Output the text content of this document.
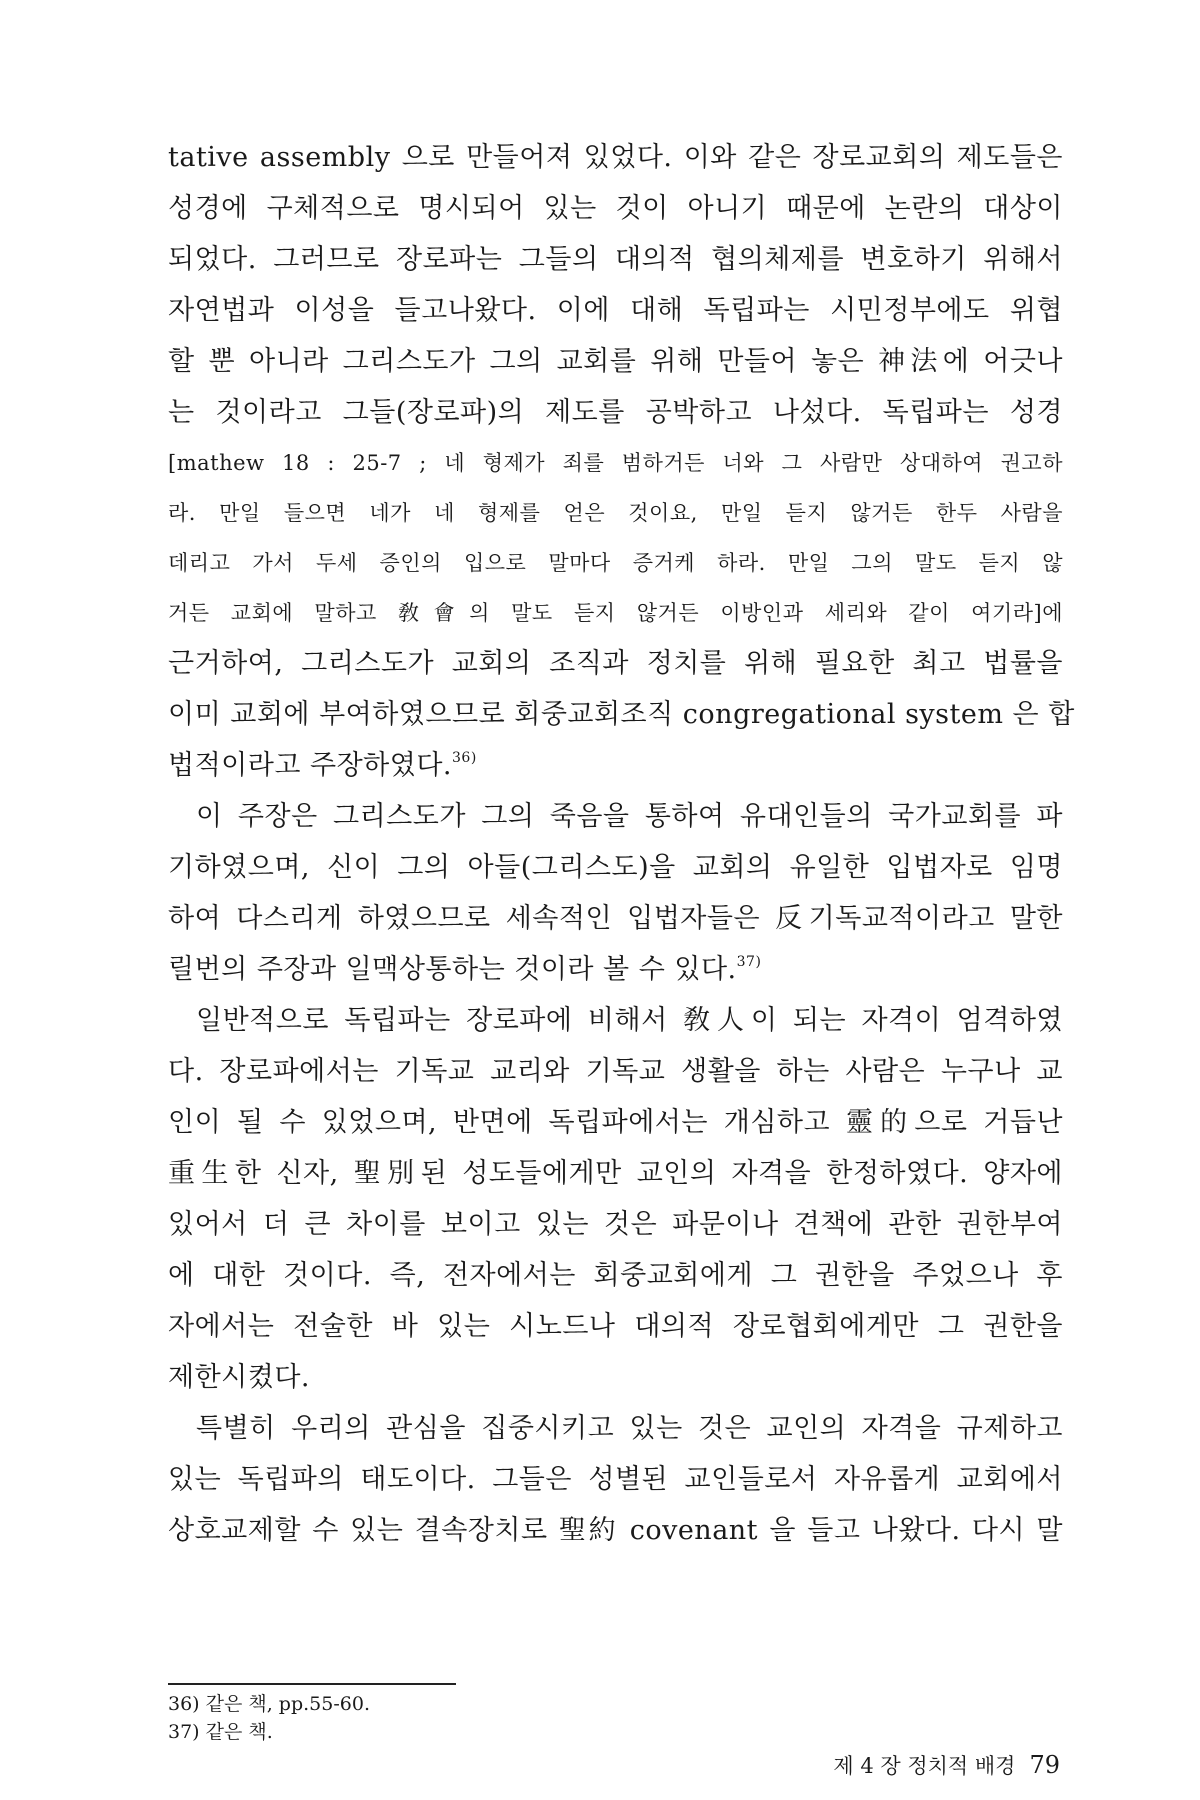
tative assembly 으로 만들어져 있었다. 이와 같은 장로교회의 제도들은
성경에 구체적으로 명시되어 있는 것이 아니기 때문에 논란의 대상이
되었다. 그러므로 장로파는 그들의 대의적 협의체제를 변호하기 위해서
자연법과 이성을 들고나왔다. 이에 대해 독립파는 시민정부에도 위협
할 뿐 아니라 그리스도가 그의 교회를 위해 만들어 놓은 神法에 어긋나
는 것이라고 그들(장로파)의 제도를 공박하고 나섰다. 독립파는 성경
[mathew 18 : 25-7 ; 네 형제가 죄를 범하거든 너와 그 사람만 상대하여 권고하
라. 만일 들으면 네가 네 형제를 얻은 것이요, 만일 듣지 않거든 한두 사람을
데리고 가서 두세 증인의 입으로 말마다 증거케 하라. 만일 그의 말도 듣지 않
거든 교회에 말하고 敎會의 말도 듣지 않거든 이방인과 세리와 같이 여기라]에
근거하여, 그리스도가 교회의 조직과 정치를 위해 필요한 최고 법률을
이미 교회에 부여하였으므로 회중교회조직 congregational system 은 합
법적이라고 주장하였다.$^{36)}$
이 주장은 그리스도가 그의 죽음을 통하여 유대인들의 국가교회를 파
기하였으며, 신이 그의 아들(그리스도)을 교회의 유일한 입법자로 임명
하여 다스리게 하였으므로 세속적인 입법자들은 反기독교적이라고 말한
릴번의 주장과 일맥상통하는 것이라 볼 수 있다.$^{37)}$
일반적으로 독립파는 장로파에 비해서 敎人이 되는 자격이 엄격하였
다. 장로파에서는 기독교 교리와 기독교 생활을 하는 사람은 누구나 교
인이 될 수 있었으며, 반면에 독립파에서는 개심하고 靈的으로 거듭난
重生한 신자, 聖別된 성도들에게만 교인의 자격을 한정하였다. 양자에
있어서 더 큰 차이를 보이고 있는 것은 파문이나 견책에 관한 권한부여
에 대한 것이다. 즉, 전자에서는 회중교회에게 그 권한을 주었으나 후
자에서는 전술한 바 있는 시노드나 대의적 장로협회에게만 그 권한을
제한시켰다.
특별히 우리의 관심을 집중시키고 있는 것은 교인의 자격을 규제하고
있는 독립파의 태도이다. 그들은 성별된 교인들로서 자유롭게 교회에서
상호교제할 수 있는 결속장치로 聖約 covenant 을 들고 나왔다. 다시 말
36) 같은 책, pp.55-60.
37) 같은 책.
제 4 장 정치적 배경 79
